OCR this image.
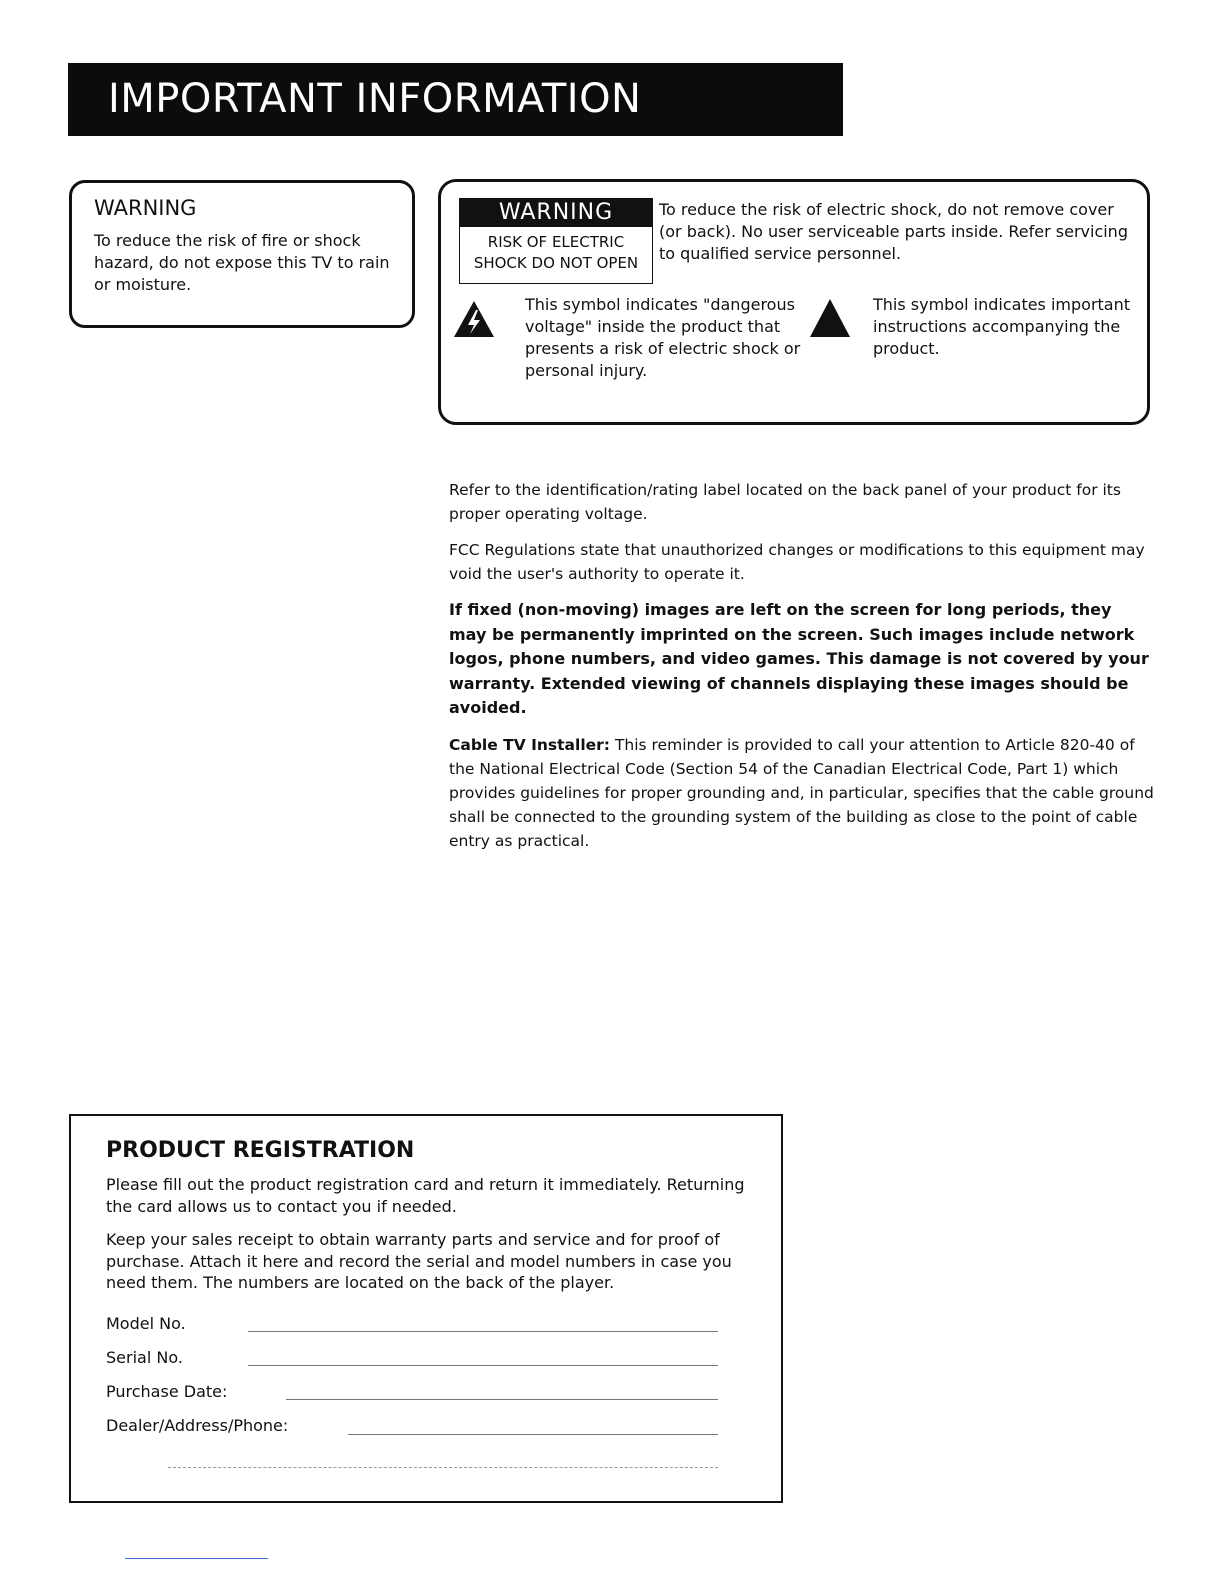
IMPORTANT INFORMATION
WARNING
To reduce the risk of fire or shock hazard, do not expose this TV to rain or moisture.
WARNING
RISK OF ELECTRIC
SHOCK DO NOT OPEN
To reduce the risk of electric shock, do not remove cover (or back). No user serviceable parts inside. Refer servicing to qualified service personnel.
This symbol indicates "dangerous voltage" inside the product that presents a risk of electric shock or personal injury.
This symbol indicates important instructions accompanying the product.

Refer to the identification/rating label located on the back panel of your product for its proper operating voltage.

FCC Regulations state that unauthorized changes or modifications to this equipment may void the user's authority to operate it.

If fixed (non-moving) images are left on the screen for long periods, they may be permanently imprinted on the screen. Such images include network logos, phone numbers, and video games. This damage is not covered by your warranty. Extended viewing of channels displaying these images should be avoided.

Cable TV Installer: This reminder is provided to call your attention to Article 820-40 of the National Electrical Code (Section 54 of the Canadian Electrical Code, Part 1) which provides guidelines for proper grounding and, in particular, specifies that the cable ground shall be connected to the grounding system of the building as close to the point of cable entry as practical.

PRODUCT REGISTRATION
Please fill out the product registration card and return it immediately. Returning the card allows us to contact you if needed.
Keep your sales receipt to obtain warranty parts and service and for proof of purchase. Attach it here and record the serial and model numbers in case you need them. The numbers are located on the back of the player.
Model No.
Serial No.
Purchase Date:
Dealer/Address/Phone:
